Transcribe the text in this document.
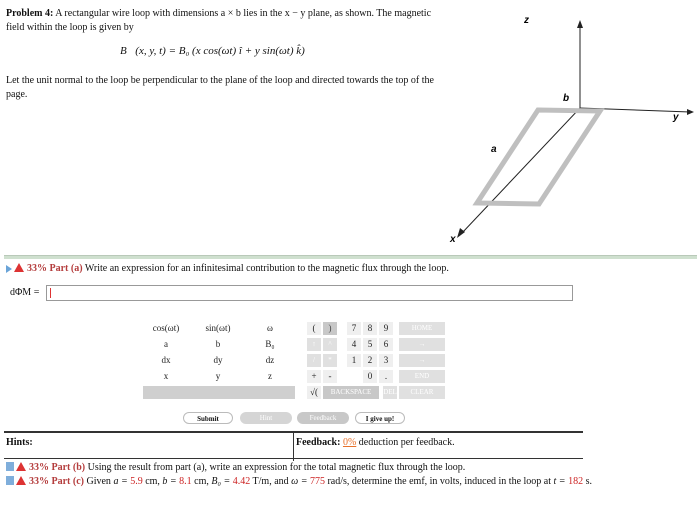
Problem 4: A rectangular wire loop with dimensions a × b lies in the x − y plane, as shown. The magnetic field within the loop is given by
B⃗(x, y, t) = B₀ (x cos(ωt) î + y sin(ωt) k̂)
Let the unit normal to the loop be perpendicular to the plane of the loop and directed towards the top of the page.
z
y
x
a
b
33% Part (a) Write an expression for an infinitesimal contribution to the magnetic flux through the loop.
dΦM =
cos(ωt)	sin(ωt)	ω
a	b	B₀
dx	dy	dz
x	y	z
(	)
↑	^
/	*
+	-
√(
7	8	9
4	5	6
1	2	3
0	.
BACKSPACE	DEL
HOME
→
→
END
CLEAR
Submit	Hint	Feedback	I give up!
Hints:	Feedback: 0% deduction per feedback.
33% Part (b) Using the result from part (a), write an expression for the total magnetic flux through the loop.
33% Part (c) Given a = 5.9 cm, b = 8.1 cm, B₀ = 4.42 T/m, and ω = 775 rad/s, determine the emf, in volts, induced in the loop at t = 182 s.
